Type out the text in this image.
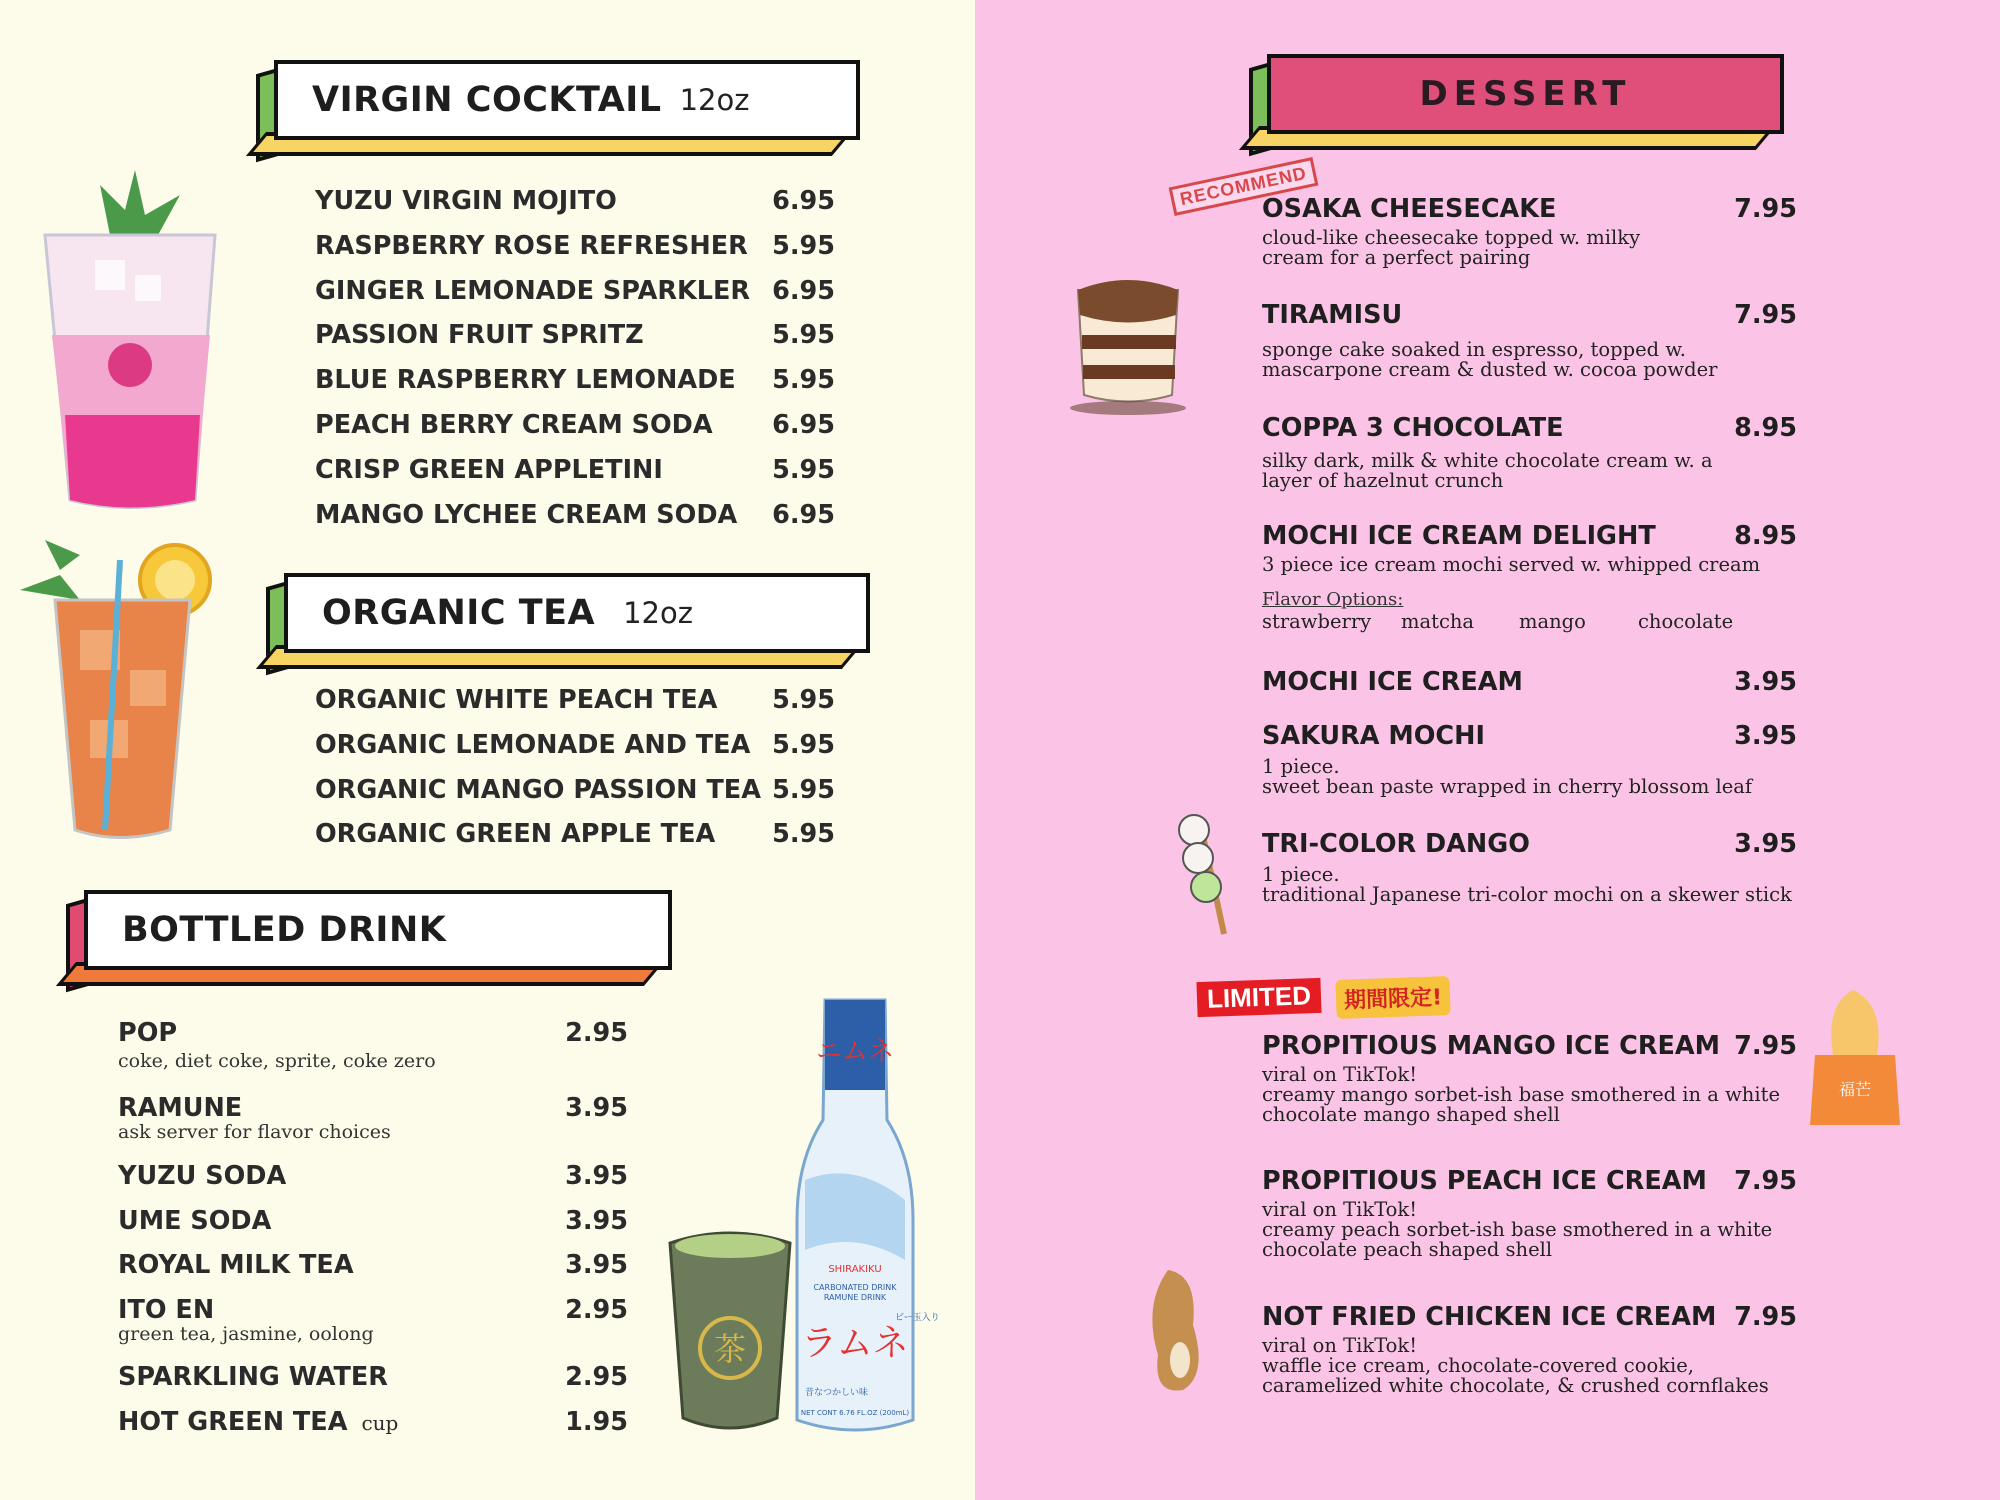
VIRGIN COCKTAIL 12oz
YUZU VIRGIN MOJITO	6.95
RASPBERRY ROSE REFRESHER 5.95
GINGER LEMONADE SPARKLER 6.95
PASSION FRUIT SPRITZ	5.95
BLUE RASPBERRY LEMONADE 5.95
PEACH BERRY CREAM SODA 6.95
CRISP GREEN APPLETINI	5.95
MANGO LYCHEE CREAM SODA 6.95
ORGANIC TEA 12oz
ORGANIC WHITE PEACH TEA 5.95
ORGANIC LEMONADE AND TEA 5.95
ORGANIC MANGO PASSION TEA 5.95
ORGANIC GREEN APPLE TEA 5.95
BOTTLED DRINK
POP	2.95
coke, diet coke, sprite, coke zero
RAMUNE	3.95
ask server for flavor choices
YUZU SODA	3.95
UME SODA	3.95
ROYAL MILK TEA	3.95
ITO EN	2.95
green tea, jasmine, oolong
SPARKLING WATER	2.95
HOT GREEN TEA cup	1.95
DESSERT
RECOMMEND
OSAKA CHEESECAKE	7.95
cloud-like cheesecake topped w. milky
cream for a perfect pairing
TIRAMISU	7.95
sponge cake soaked in espresso, topped w.
mascarpone cream & dusted w. cocoa powder
COPPA 3 CHOCOLATE	8.95
silky dark, milk & white chocolate cream w. a
layer of hazelnut crunch
MOCHI ICE CREAM DELIGHT	8.95
3 piece ice cream mochi served w. whipped cream
Flavor Options:
strawberry	matcha	mango	chocolate
MOCHI ICE CREAM	3.95
SAKURA MOCHI	3.95
1 piece.
sweet bean paste wrapped in cherry blossom leaf
TRI-COLOR DANGO	3.95
1 piece.
traditional Japanese tri-color mochi on a skewer stick
PROPITIOUS MANGO ICE CREAM 7.95
viral on TikTok!
creamy mango sorbet-ish base smothered in a white
chocolate mango shaped shell
PROPITIOUS PEACH ICE CREAM 7.95
viral on TikTok!
creamy peach sorbet-ish base smothered in a white
chocolate peach shaped shell
NOT FRIED CHICKEN ICE CREAM 7.95
viral on TikTok!
waffle ice cream, chocolate-covered cookie,
caramelized white chocolate, & crushed cornflakes
LIMITED	期間限定!
茶
ニムネ
SHIRAKIKU
CARBONATED DRINK
RAMUNE DRINK
ラムネ
ビー玉入り
昔なつかしい味
NET CONT 6.76 FL.OZ (200mL)
福芒
